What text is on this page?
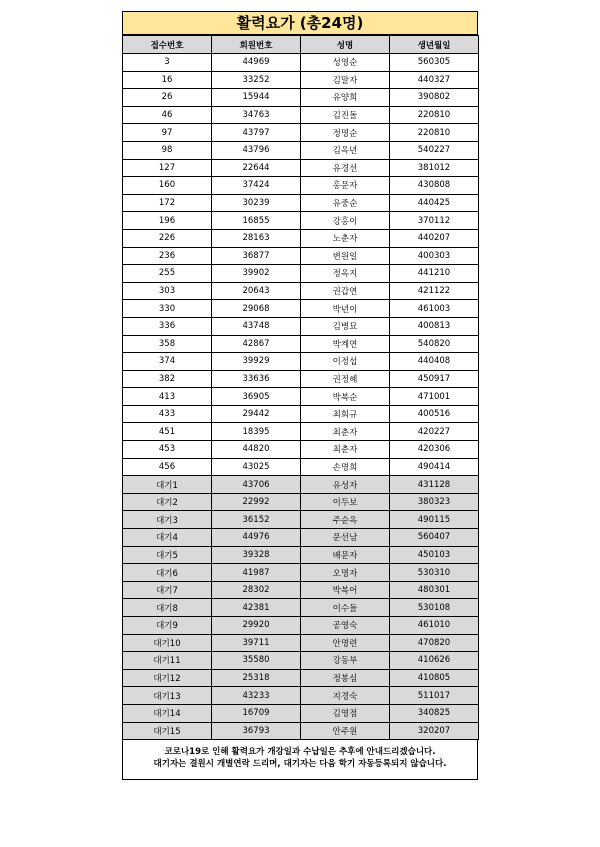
활력요가 (총24명)
접수번호	회원번호	성명	생년월일
3	44969	성영순	560305
16	33252	김말자	440327
26	15944	유양희	390802
46	34763	김진돌	220810
97	43797	정명순	220810
98	43796	김옥년	540227
127	22644	유경선	381012
160	37424	홍문자	430808
172	30239	유중순	440425
196	16855	강홍이	370112
226	28163	노춘자	440207
236	36877	변원일	400303
255	39902	정옥지	441210
303	20643	권갑연	421122
330	29068	박년이	461003
336	43748	김병묘	400813
358	42867	박계연	540820
374	39929	이정섭	440408
382	33636	권정혜	450917
413	36905	박복순	471001
433	29442	최회규	400516
451	18395	최춘자	420227
453	44820	최춘자	420306
456	43025	손명희	490414
대기1	43706	유성자	431128
대기2	22992	이두보	380323
대기3	36152	주순옥	490115
대기4	44976	문선남	560407
대기5	39328	배문자	450103
대기6	41987	오명자	530310
대기7	28302	박복어	480301
대기8	42381	이수돌	530108
대기9	29920	공영숙	461010
대기10	39711	안명련	470820
대기11	35580	강동부	410626
대기12	25318	정봉심	410805
대기13	43233	지경숙	511017
대기14	16709	김영점	340825
대기15	36793	안주원	320207
코로나19로 인해 활력요가 개강일과 수납일은 추후에 안내드리겠습니다.
대기자는 결원시 개별연락 드리며, 대기자는 다음 학기 자동등록되지 않습니다.
